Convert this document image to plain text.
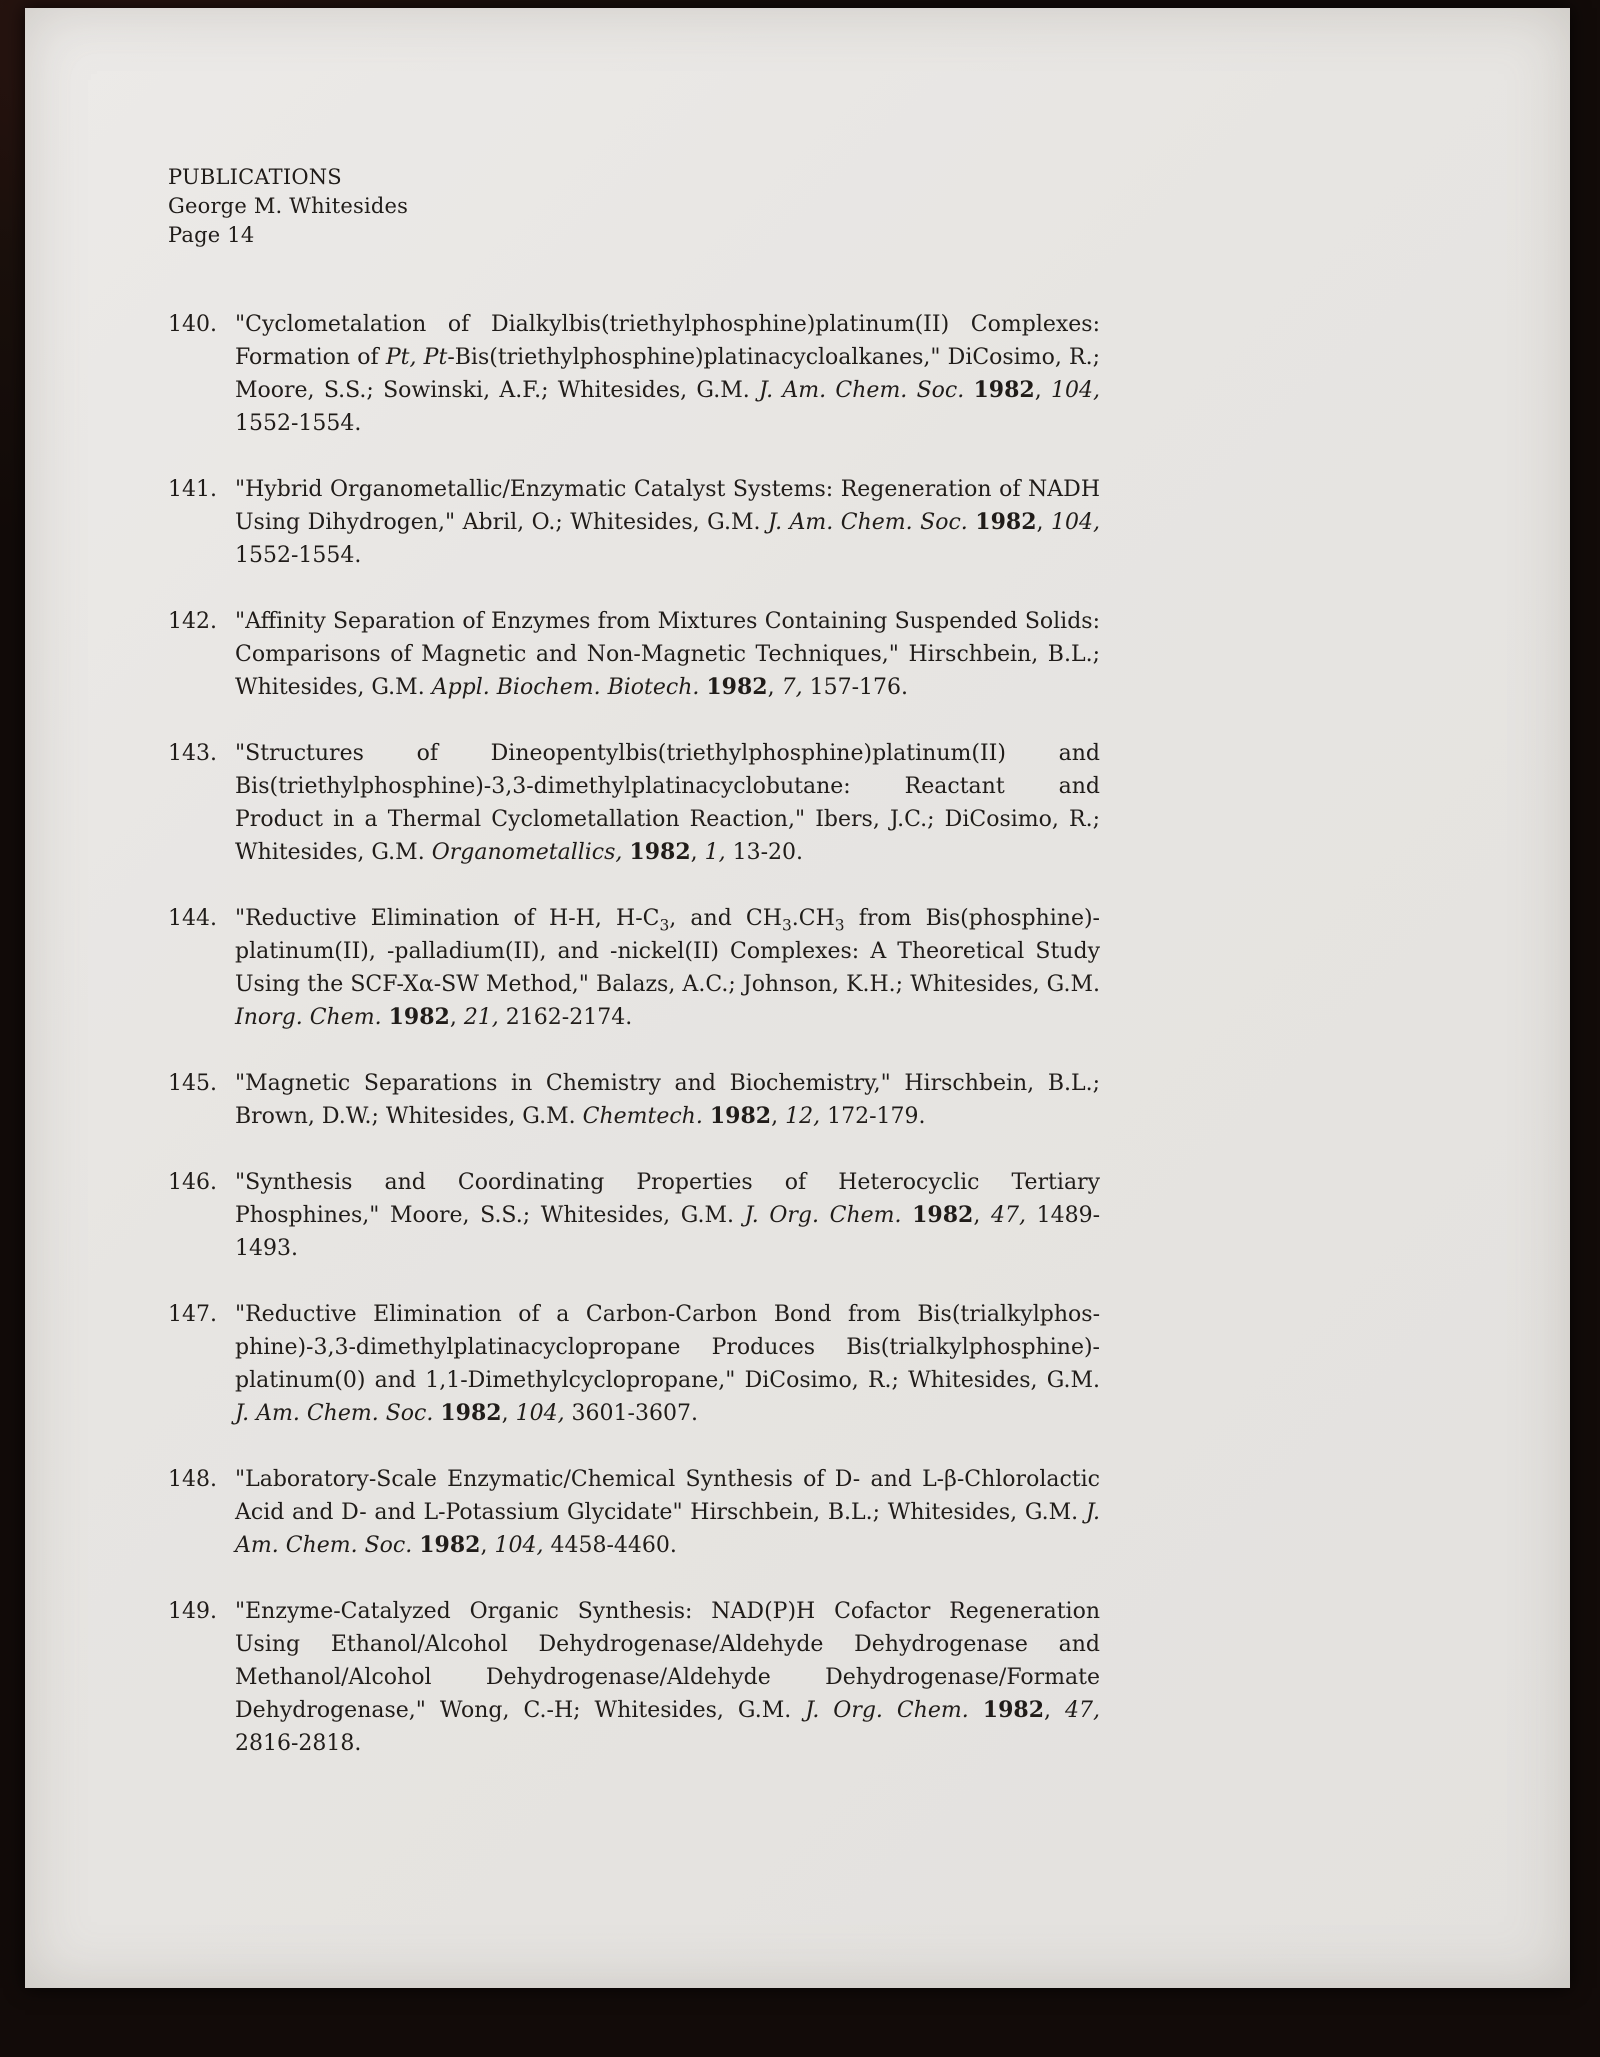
PUBLICATIONS
George M. Whitesides
Page 14
140. "Cyclometalation of Dialkylbis(triethylphosphine)platinum(II) Complexes: Formation of Pt, Pt-Bis(triethylphosphine)platinacycloalkanes," DiCosimo, R.; Moore, S.S.; Sowinski, A.F.; Whitesides, G.M. J. Am. Chem. Soc. 1982, 104, 1552-1554.
141. "Hybrid Organometallic/Enzymatic Catalyst Systems: Regeneration of NADH Using Dihydrogen," Abril, O.; Whitesides, G.M. J. Am. Chem. Soc. 1982, 104, 1552-1554.
142. "Affinity Separation of Enzymes from Mixtures Containing Suspended Solids: Comparisons of Magnetic and Non-Magnetic Techniques," Hirschbein, B.L.; Whitesides, G.M. Appl. Biochem. Biotech. 1982, 7, 157-176.
143. "Structures of Dineopentylbis(triethylphosphine)platinum(II) and Bis(triethylphosphine)-3,3-dimethylplatinacyclobutane: Reactant and Product in a Thermal Cyclometallation Reaction," Ibers, J.C.; DiCosimo, R.; Whitesides, G.M. Organometallics, 1982, 1, 13-20.
144. "Reductive Elimination of H-H, $H-C_3$, and $CH_3.CH_3$ from Bis(phosphine)-platinum(II), -palladium(II), and -nickel(II) Complexes: A Theoretical Study Using the SCF-Xα-SW Method," Balazs, A.C.; Johnson, K.H.; Whitesides, G.M. Inorg. Chem. 1982, 21, 2162-2174.
145. "Magnetic Separations in Chemistry and Biochemistry," Hirschbein, B.L.; Brown, D.W.; Whitesides, G.M. Chemtech. 1982, 12, 172-179.
146. "Synthesis and Coordinating Properties of Heterocyclic Tertiary Phosphines," Moore, S.S.; Whitesides, G.M. J. Org. Chem. 1982, 47, 1489-1493.
147. "Reductive Elimination of a Carbon-Carbon Bond from Bis(trialkylphos-phine)-3,3-dimethylplatinacyclopropane Produces Bis(trialkylphosphine)-platinum(0) and 1,1-Dimethylcyclopropane," DiCosimo, R.; Whitesides, G.M. J. Am. Chem. Soc. 1982, 104, 3601-3607.
148. "Laboratory-Scale Enzymatic/Chemical Synthesis of D- and L-β-Chlorolactic Acid and D- and L-Potassium Glycidate" Hirschbein, B.L.; Whitesides, G.M. J. Am. Chem. Soc. 1982, 104, 4458-4460.
149. "Enzyme-Catalyzed Organic Synthesis: NAD(P)H Cofactor Regeneration Using Ethanol/Alcohol Dehydrogenase/Aldehyde Dehydrogenase and Methanol/Alcohol Dehydrogenase/Aldehyde Dehydrogenase/Formate Dehydrogenase," Wong, C.-H; Whitesides, G.M. J. Org. Chem. 1982, 47, 2816-2818.
